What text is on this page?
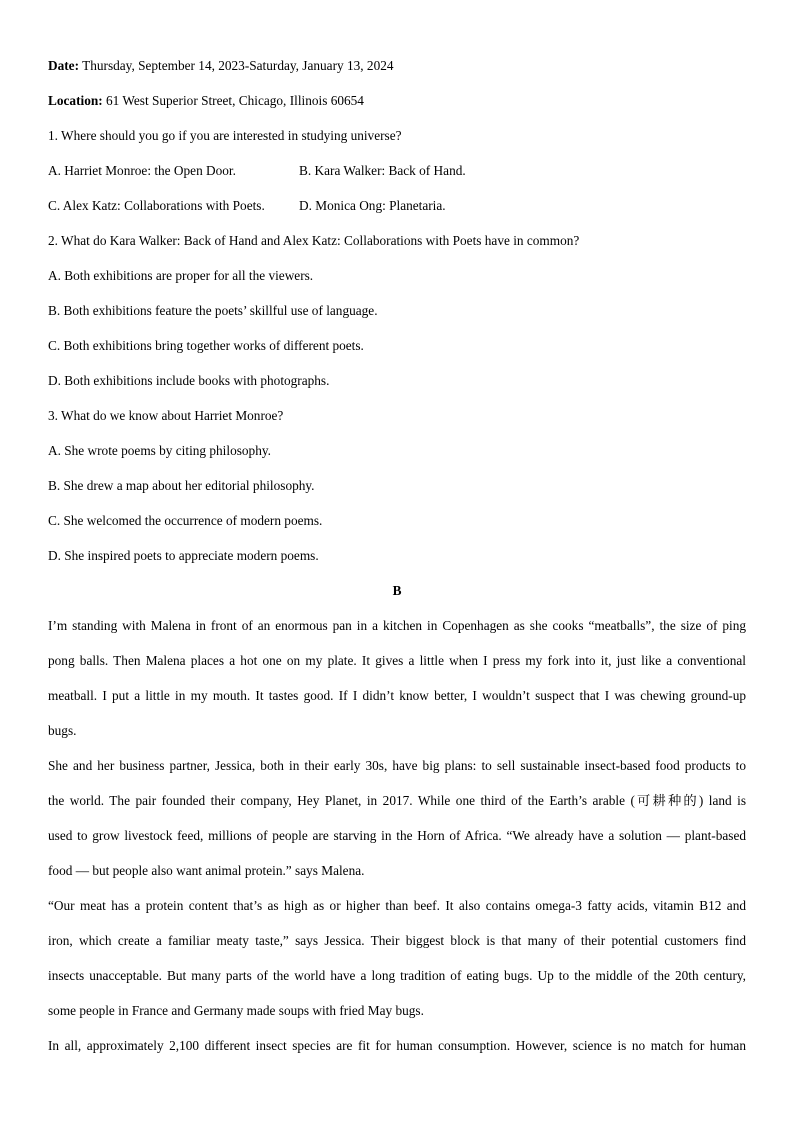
Date: Thursday, September 14, 2023-Saturday, January 13, 2024
Location: 61 West Superior Street, Chicago, Illinois 60654
1. Where should you go if you are interested in studying universe?
A. Harriet Monroe: the Open Door.	B. Kara Walker: Back of Hand.
C. Alex Katz: Collaborations with Poets.	D. Monica Ong: Planetaria.
2. What do Kara Walker: Back of Hand and Alex Katz: Collaborations with Poets have in common?
A. Both exhibitions are proper for all the viewers.
B. Both exhibitions feature the poets’ skillful use of language.
C. Both exhibitions bring together works of different poets.
D. Both exhibitions include books with photographs.
3. What do we know about Harriet Monroe?
A. She wrote poems by citing philosophy.
B. She drew a map about her editorial philosophy.
C. She welcomed the occurrence of modern poems.
D. She inspired poets to appreciate modern poems.
B
I’m standing with Malena in front of an enormous pan in a kitchen in Copenhagen as she cooks “meatballs”, the size of ping
pong balls. Then Malena places a hot one on my plate. It gives a little when I press my fork into it, just like a conventional
meatball. I put a little in my mouth. It tastes good. If I didn’t know better, I wouldn’t suspect that I was chewing ground-up
bugs.
She and her business partner, Jessica, both in their early 30s, have big plans: to sell sustainable insect-based food products to
the world. The pair founded their company, Hey Planet, in 2017. While one third of the Earth’s arable (可耕种的) land is
used to grow livestock feed, millions of people are starving in the Horn of Africa. “We already have a solution — plant-based
food — but people also want animal protein.” says Malena.
“Our meat has a protein content that’s as high as or higher than beef. It also contains omega-3 fatty acids, vitamin B12 and
iron, which create a familiar meaty taste,” says Jessica. Their biggest block is that many of their potential customers find
insects unacceptable. But many parts of the world have a long tradition of eating bugs. Up to the middle of the 20th century,
some people in France and Germany made soups with fried May bugs.
In all, approximately 2,100 different insect species are fit for human consumption. However, science is no match for human
